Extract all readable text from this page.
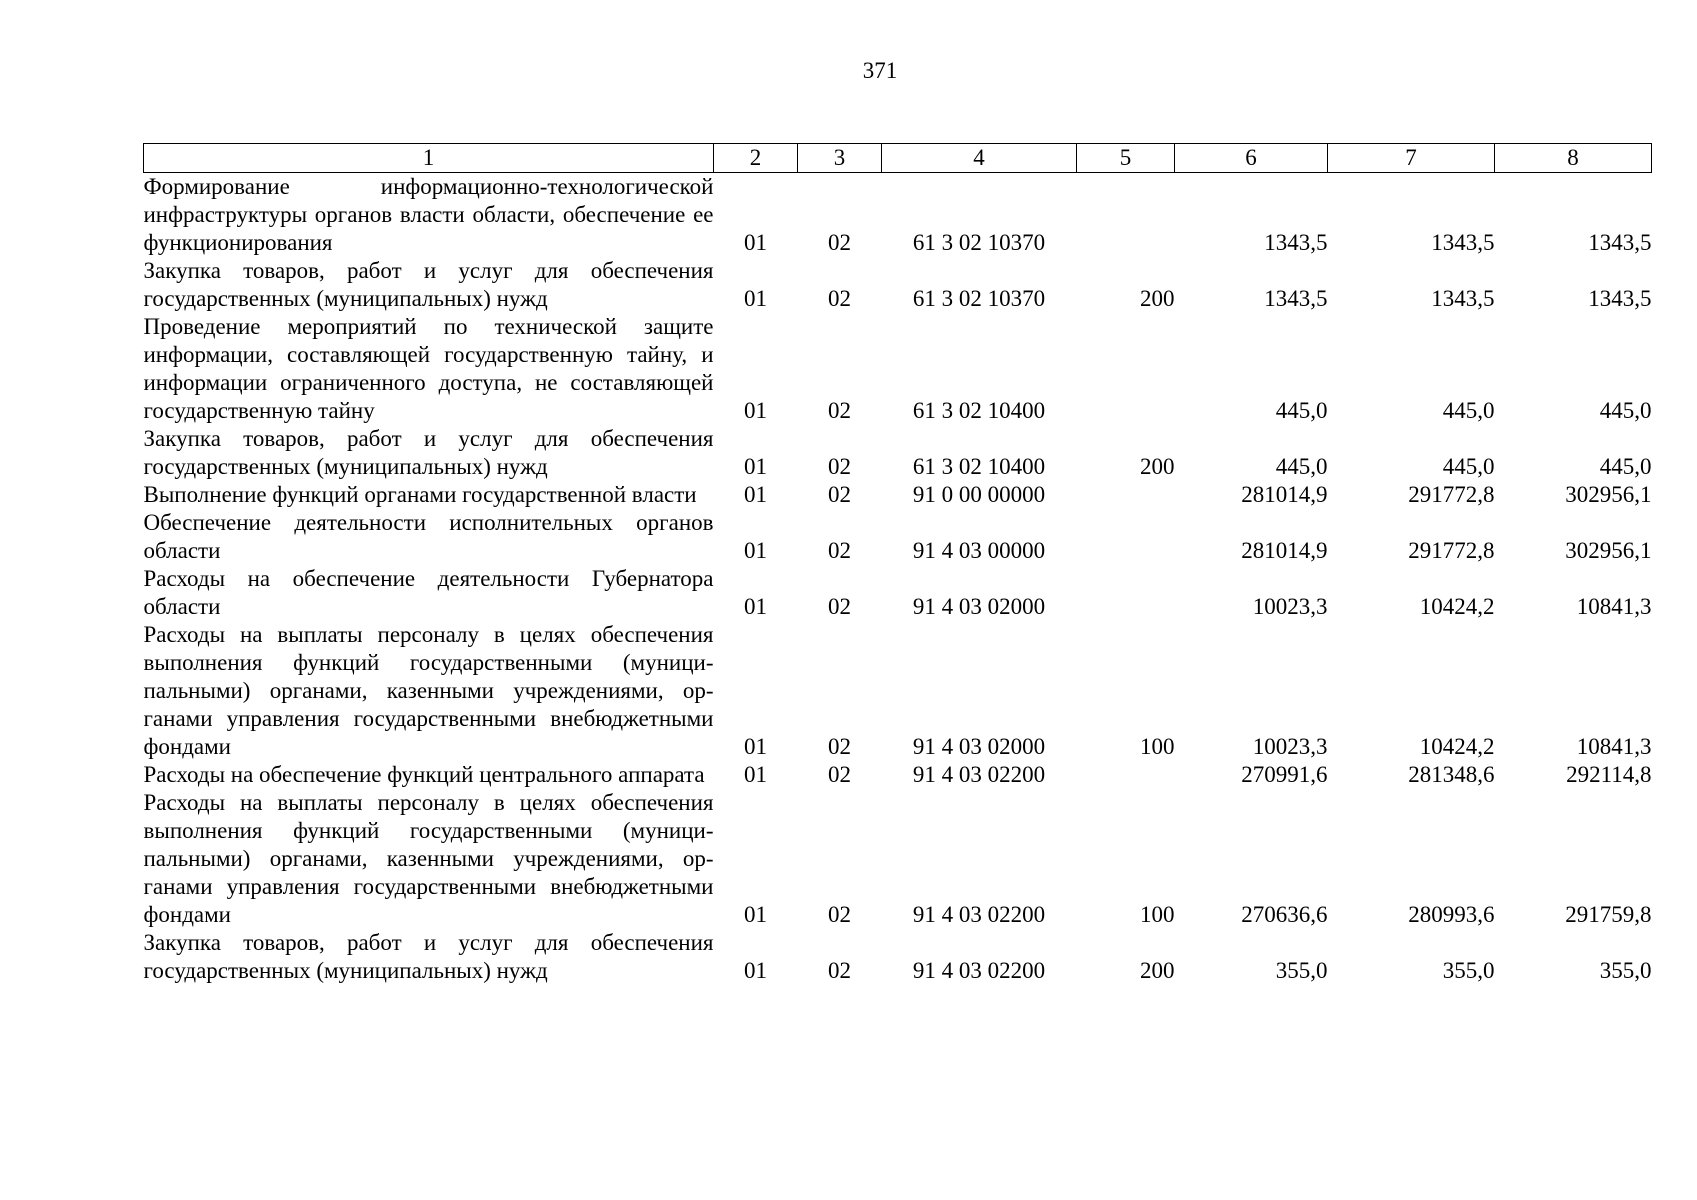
371
1	2	3	4	5	6	7	8
Формирование информационно-технологической инфраструктуры органов власти области, обеспечение ее функционирования	01	02	61 3 02 10370		1343,5	1343,5	1343,5
Закупка товаров, работ и услуг для обеспечения государственных (муниципальных) нужд	01	02	61 3 02 10370	200	1343,5	1343,5	1343,5
Проведение мероприятий по технической защите информации, составляющей государственную тайну, и информации ограниченного доступа, не составляющей государственную тайну	01	02	61 3 02 10400		445,0	445,0	445,0
Закупка товаров, работ и услуг для обеспечения государственных (муниципальных) нужд	01	02	61 3 02 10400	200	445,0	445,0	445,0
Выполнение функций органами государственной власти	01	02	91 0 00 00000		281014,9	291772,8	302956,1
Обеспечение деятельности исполнительных органов области	01	02	91 4 03 00000		281014,9	291772,8	302956,1
Расходы на обеспечение деятельности Губернатора области	01	02	91 4 03 02000		10023,3	10424,2	10841,3
Расходы на выплаты персоналу в целях обеспечения выполнения функций государственными (муниципальными) органами, казенными учреждениями, органами управления государственными внебюджетными фондами	01	02	91 4 03 02000	100	10023,3	10424,2	10841,3
Расходы на обеспечение функций центрального аппарата	01	02	91 4 03 02200		270991,6	281348,6	292114,8
Расходы на выплаты персоналу в целях обеспечения выполнения функций государственными (муниципальными) органами, казенными учреждениями, органами управления государственными внебюджетными фондами	01	02	91 4 03 02200	100	270636,6	280993,6	291759,8
Закупка товаров, работ и услуг для обеспечения государственных (муниципальных) нужд	01	02	91 4 03 02200	200	355,0	355,0	355,0
